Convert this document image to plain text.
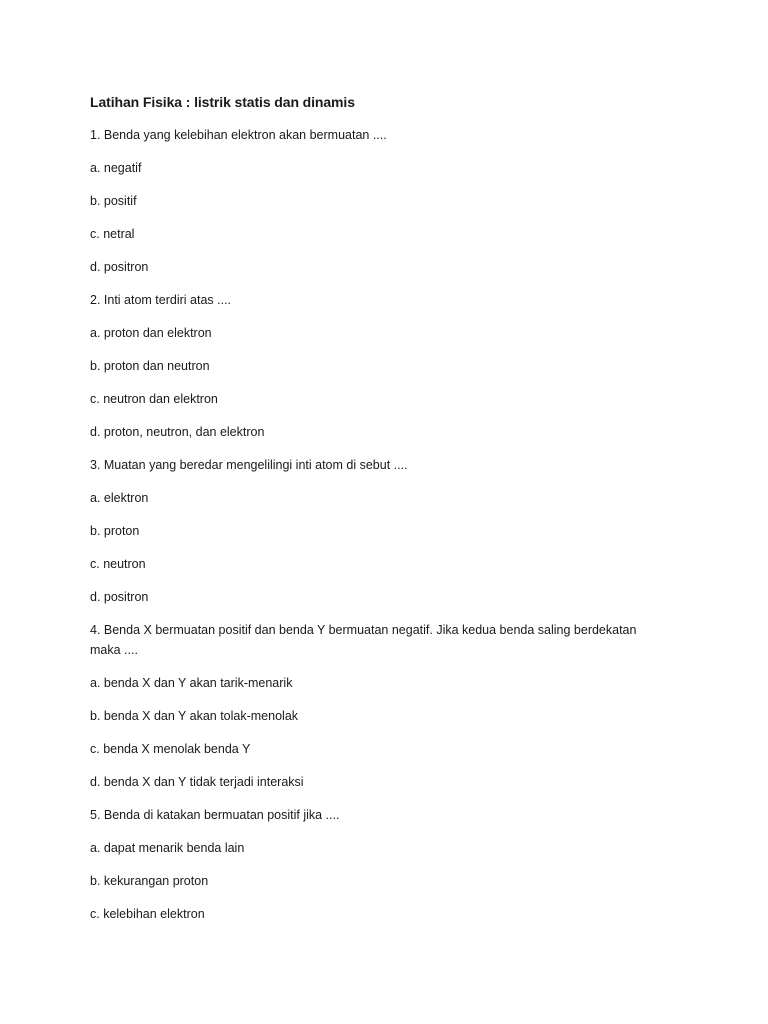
Latihan Fisika : listrik statis dan dinamis
1. Benda yang kelebihan elektron akan bermuatan ....
a. negatif
b. positif
c. netral
d. positron
2. Inti atom terdiri atas ....
a. proton dan elektron
b. proton dan neutron
c. neutron dan elektron
d. proton, neutron, dan elektron
3. Muatan yang beredar mengelilingi inti atom di sebut ....
a. elektron
b. proton
c. neutron
d. positron
4. Benda X bermuatan positif dan benda Y bermuatan negatif. Jika kedua benda saling berdekatan maka ....
a. benda X dan Y akan tarik-menarik
b. benda X dan Y akan tolak-menolak
c. benda X menolak benda Y
d. benda X dan Y tidak terjadi interaksi
5. Benda di katakan bermuatan positif jika ....
a. dapat menarik benda lain
b. kekurangan proton
c. kelebihan elektron
